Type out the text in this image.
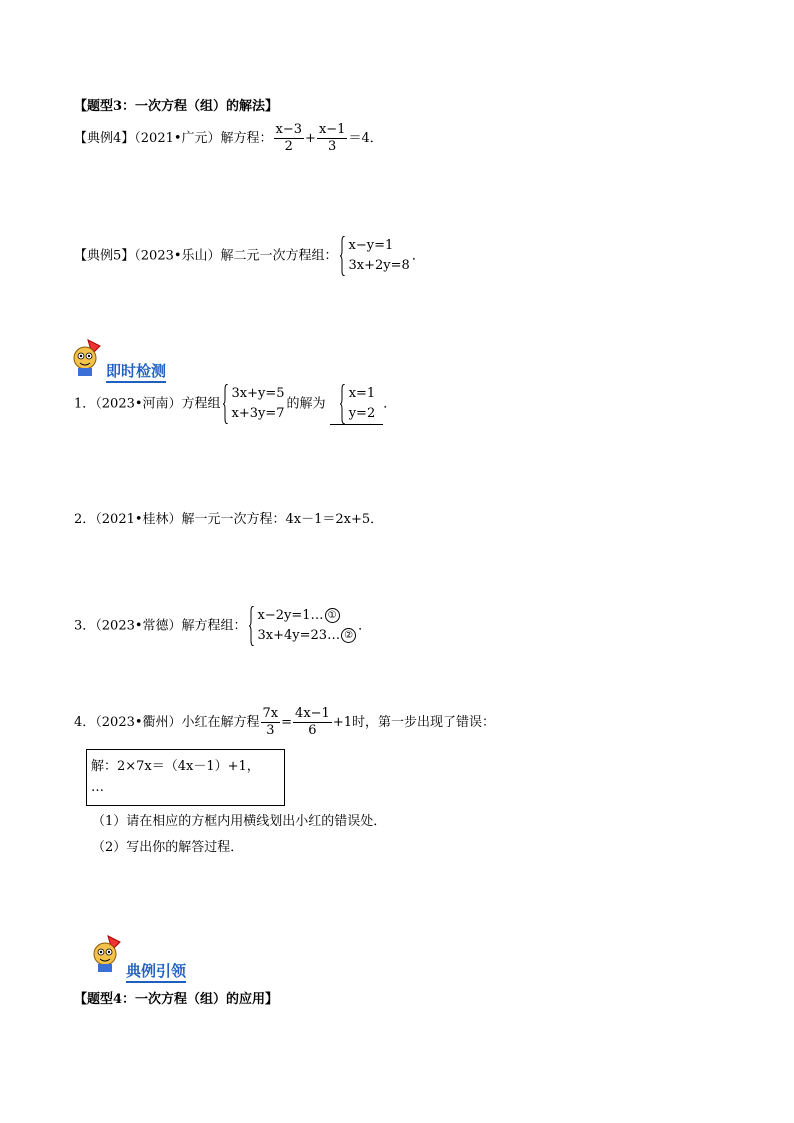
【题型3：一次方程（组）的解法】
【典例4】（2021•广元）解方程： $\frac{x-3}{2} + \frac{x-1}{3} =4$．
【典例5】（2023•乐山）解二元一次方程组：
x−y=1
3x+2y=8
．
即时检测
1．（2023•河南）方程组
3x+y=5
x+3y=7
的解为
x=1
y=2
．
2．（2021•桂林）解一元一次方程：4x－1＝2x+5．
3．（2023•常德）解方程组：
x−2y=1… ①
3x+4y=23… ②
．
4．（2023•衢州）小红在解方程 $\frac{7x}{3} = \frac{4x-1}{6} +1$时，第一步出现了错误：
解：2×7x＝（4x－1）+1，
…
（1）请在相应的方框内用横线划出小红的错误处．
（2）写出你的解答过程．
典例引领
【题型4：一次方程（组）的应用】
